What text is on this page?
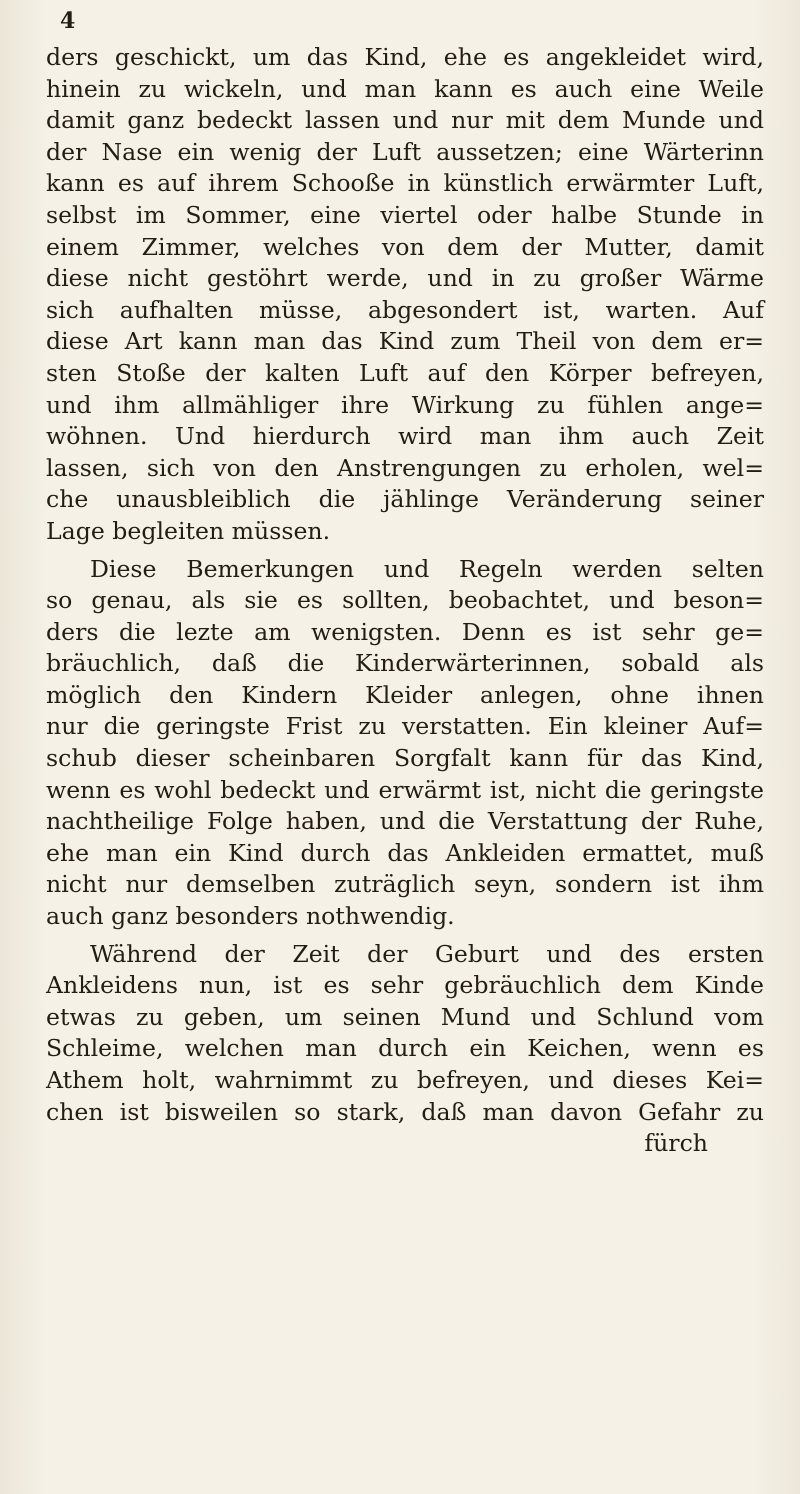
4
ders geschickt, um das Kind, ehe es angekleidet wird,
hinein zu wickeln, und man kann es auch eine Weile
damit ganz bedeckt lassen und nur mit dem Munde und
der Nase ein wenig der Luft aussetzen; eine Wärterinn
kann es auf ihrem Schooße in künstlich erwärmter Luft,
selbst im Sommer, eine viertel oder halbe Stunde in
einem Zimmer, welches von dem der Mutter, damit
diese nicht gestöhrt werde, und in zu großer Wärme
sich aufhalten müsse, abgesondert ist, warten. Auf
diese Art kann man das Kind zum Theil von dem er=
sten Stoße der kalten Luft auf den Körper befreyen,
und ihm allmähliger ihre Wirkung zu fühlen ange=
wöhnen. Und hierdurch wird man ihm auch Zeit
lassen, sich von den Anstrengungen zu erholen, wel=
che unausbleiblich die jählinge Veränderung seiner
Lage begleiten müssen.
Diese Bemerkungen und Regeln werden selten
so genau, als sie es sollten, beobachtet, und beson=
ders die lezte am wenigsten. Denn es ist sehr ge=
bräuchlich, daß die Kinderwärterinnen, sobald als
möglich den Kindern Kleider anlegen, ohne ihnen
nur die geringste Frist zu verstatten. Ein kleiner Auf=
schub dieser scheinbaren Sorgfalt kann für das Kind,
wenn es wohl bedeckt und erwärmt ist, nicht die geringste
nachtheilige Folge haben, und die Verstattung der Ruhe,
ehe man ein Kind durch das Ankleiden ermattet, muß
nicht nur demselben zuträglich seyn, sondern ist ihm
auch ganz besonders nothwendig.
Während der Zeit der Geburt und des ersten
Ankleidens nun, ist es sehr gebräuchlich dem Kinde
etwas zu geben, um seinen Mund und Schlund vom
Schleime, welchen man durch ein Keichen, wenn es
Athem holt, wahrnimmt zu befreyen, und dieses Kei=
chen ist bisweilen so stark, daß man davon Gefahr zu
fürch
